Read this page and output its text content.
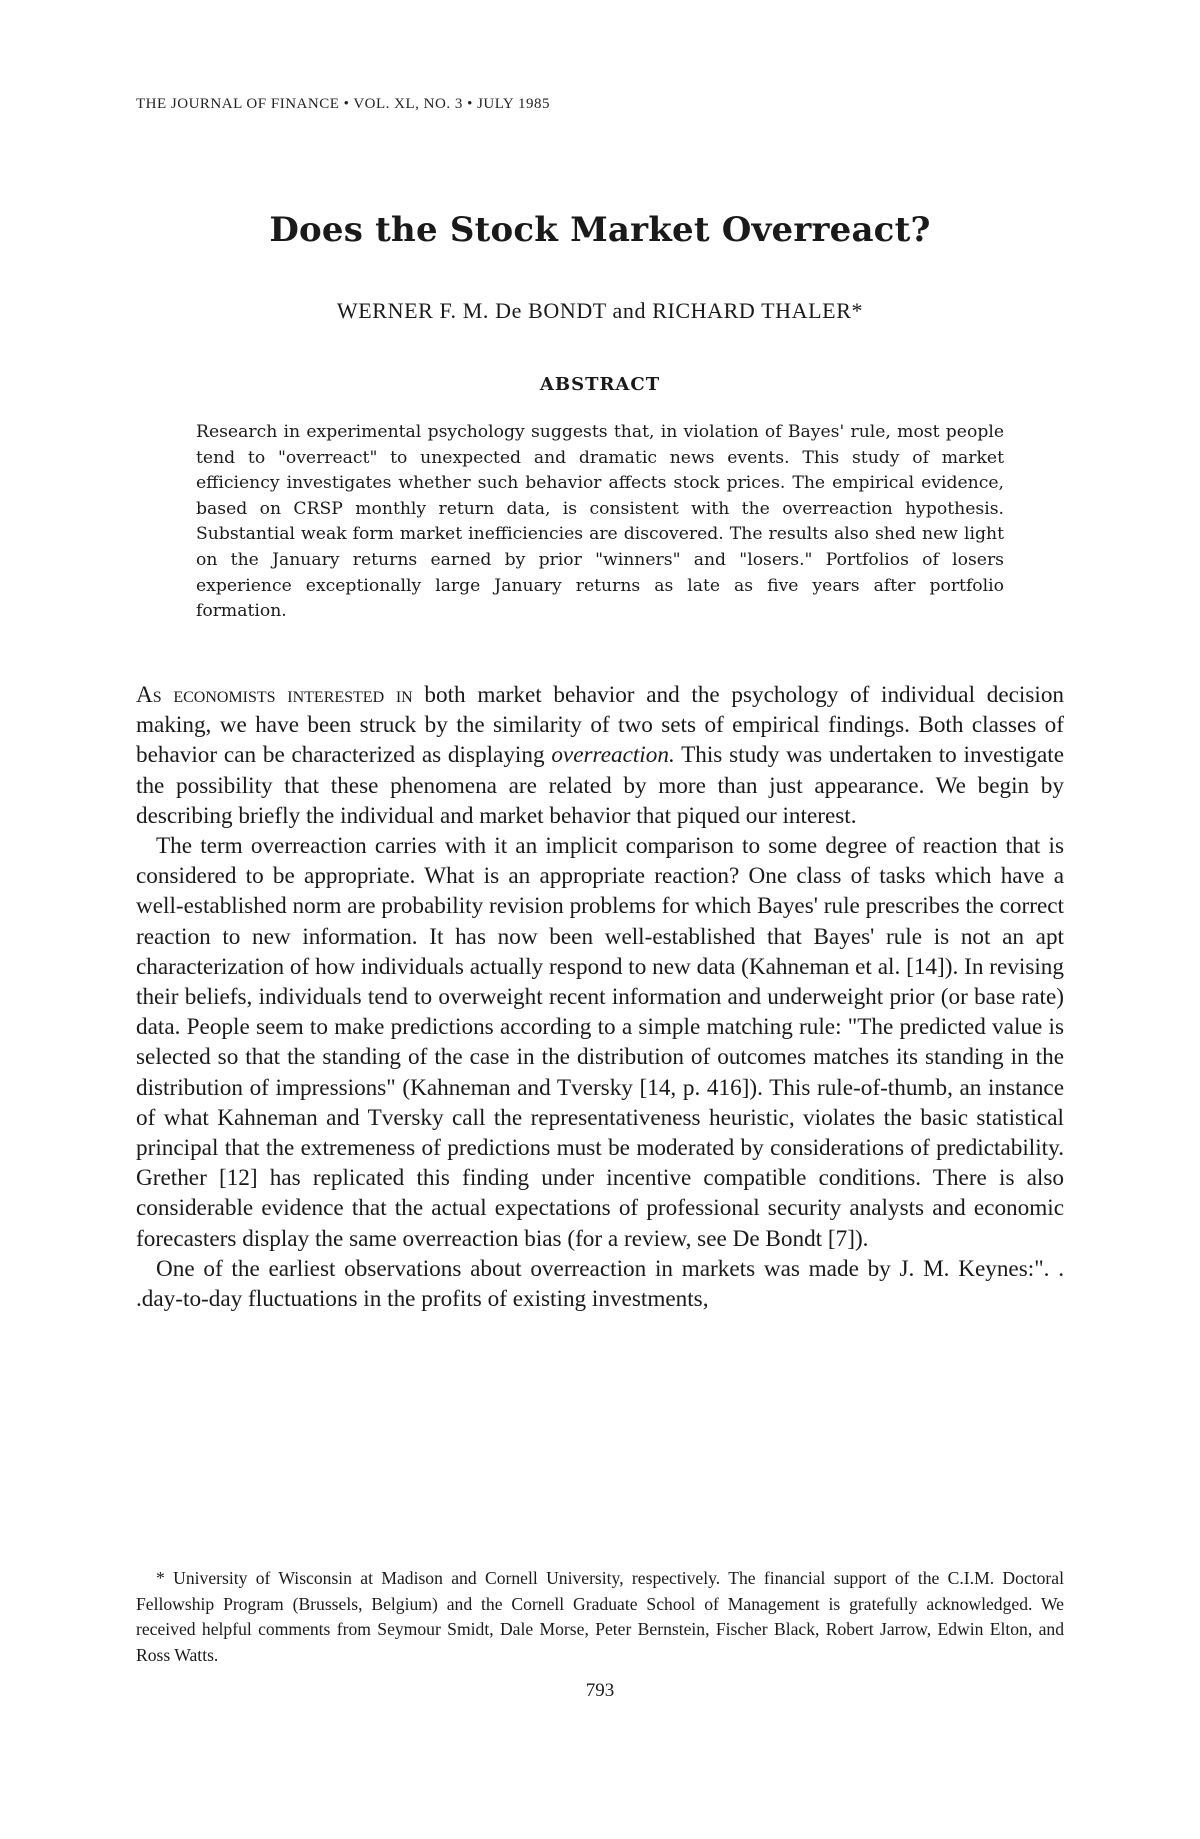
THE JOURNAL OF FINANCE • VOL. XL, NO. 3 • JULY 1985
Does the Stock Market Overreact?
WERNER F. M. De BONDT and RICHARD THALER*
ABSTRACT

Research in experimental psychology suggests that, in violation of Bayes' rule, most people tend to "overreact" to unexpected and dramatic news events. This study of market efficiency investigates whether such behavior affects stock prices. The empirical evidence, based on CRSP monthly return data, is consistent with the overreaction hypothesis. Substantial weak form market inefficiencies are discovered. The results also shed new light on the January returns earned by prior "winners" and "losers." Portfolios of losers experience exceptionally large January returns as late as five years after portfolio formation.

As economists interested in both market behavior and the psychology of individual decision making, we have been struck by the similarity of two sets of empirical findings. Both classes of behavior can be characterized as displaying overreaction. This study was undertaken to investigate the possibility that these phenomena are related by more than just appearance. We begin by describing briefly the individual and market behavior that piqued our interest.

The term overreaction carries with it an implicit comparison to some degree of reaction that is considered to be appropriate. What is an appropriate reaction? One class of tasks which have a well-established norm are probability revision problems for which Bayes' rule prescribes the correct reaction to new information. It has now been well-established that Bayes' rule is not an apt characterization of how individuals actually respond to new data (Kahneman et al. [14]). In revising their beliefs, individuals tend to overweight recent information and underweight prior (or base rate) data. People seem to make predictions according to a simple matching rule: "The predicted value is selected so that the standing of the case in the distribution of outcomes matches its standing in the distribution of impressions" (Kahneman and Tversky [14, p. 416]). This rule-of-thumb, an instance of what Kahneman and Tversky call the representativeness heuristic, violates the basic statistical principal that the extremeness of predictions must be moderated by considerations of predictability. Grether [12] has replicated this finding under incentive compatible conditions. There is also considerable evidence that the actual expectations of professional security analysts and economic forecasters display the same overreaction bias (for a review, see De Bondt [7]).

One of the earliest observations about overreaction in markets was made by J. M. Keynes:". . .day-to-day fluctuations in the profits of existing investments,

* University of Wisconsin at Madison and Cornell University, respectively. The financial support of the C.I.M. Doctoral Fellowship Program (Brussels, Belgium) and the Cornell Graduate School of Management is gratefully acknowledged. We received helpful comments from Seymour Smidt, Dale Morse, Peter Bernstein, Fischer Black, Robert Jarrow, Edwin Elton, and Ross Watts.

793
